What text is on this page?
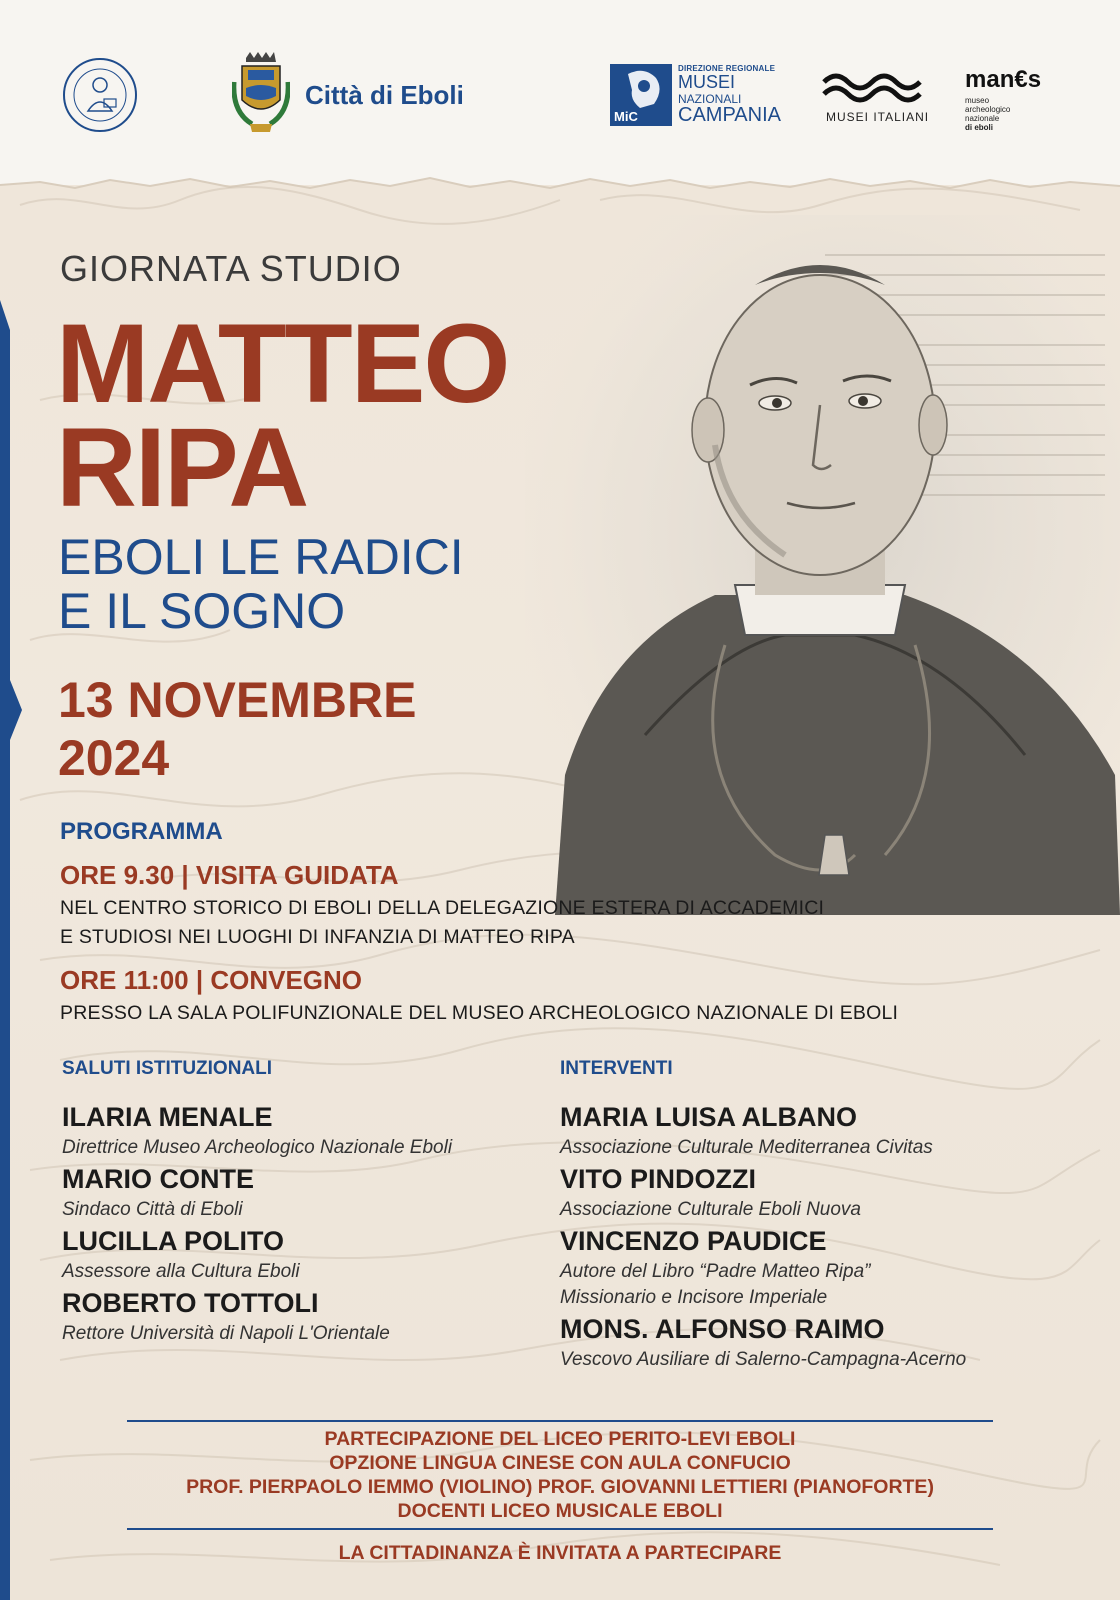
Città di Eboli
MiC
DIREZIONE REGIONALE
MUSEI
NAZIONALI
CAMPANIA	MUSEI ITALIANI
man€s
museo
archeologico
nazionale
di eboli
GIORNATA STUDIO
MATTEO
RIPA
EBOLI LE RADICI
E IL SOGNO
13 NOVEMBRE
2024
PROGRAMMA
ORE 9.30 | VISITA GUIDATA
NEL CENTRO STORICO DI EBOLI DELLA DELEGAZIONE ESTERA DI ACCADEMICI
E STUDIOSI NEI LUOGHI DI INFANZIA DI MATTEO RIPA
ORE 11:00 | CONVEGNO
PRESSO LA SALA POLIFUNZIONALE DEL MUSEO ARCHEOLOGICO NAZIONALE DI EBOLI
SALUTI ISTITUZIONALI
ILARIA MENALE
Direttrice Museo Archeologico Nazionale Eboli
MARIO CONTE
Sindaco Città di Eboli
LUCILLA POLITO
Assessore alla Cultura Eboli
ROBERTO TOTTOLI
Rettore Università di Napoli L'Orientale
INTERVENTI
MARIA LUISA ALBANO
Associazione Culturale Mediterranea Civitas
VITO PINDOZZI
Associazione Culturale Eboli Nuova
VINCENZO PAUDICE
Autore del Libro “Padre Matteo Ripa”
Missionario e Incisore Imperiale
MONS. ALFONSO RAIMO
Vescovo Ausiliare di Salerno-Campagna-Acerno
PARTECIPAZIONE DEL LICEO PERITO-LEVI EBOLI
OPZIONE LINGUA CINESE CON AULA CONFUCIO
PROF. PIERPAOLO IEMMO (VIOLINO) PROF. GIOVANNI LETTIERI (PIANOFORTE)
DOCENTI LICEO MUSICALE EBOLI
LA CITTADINANZA È INVITATA A PARTECIPARE
